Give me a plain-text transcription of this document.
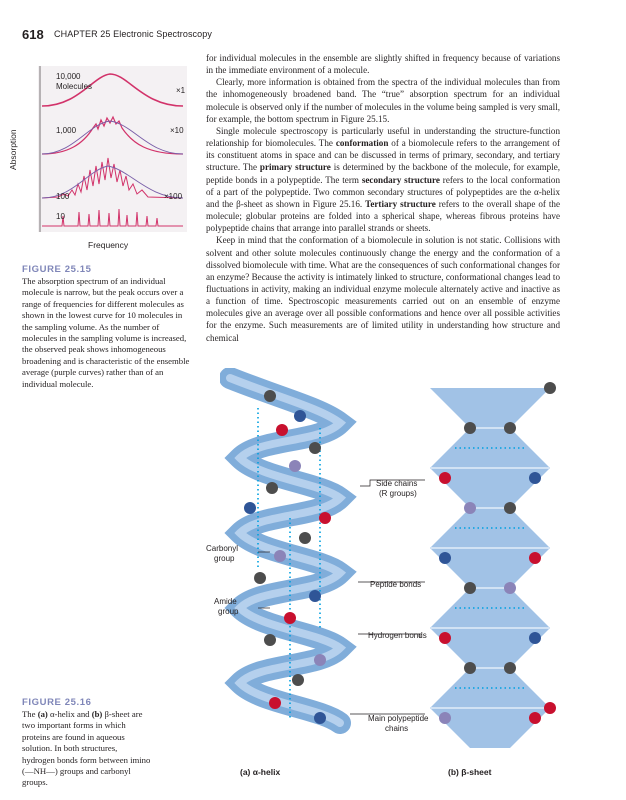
618 CHAPTER 25 Electronic Spectroscopy

for individual molecules in the ensemble are slightly shifted in frequency because of variations in the immediate environment of a molecule.

Clearly, more information is obtained from the spectra of the individual molecules than from the inhomogeneously broadened band. The “true” absorption spectrum for an individual molecule is observed only if the number of molecules in the volume being sampled is very small, for example, the bottom spectrum in Figure 25.15.

Single molecule spectroscopy is particularly useful in understanding the structure-function relationship for biomolecules. The conformation of a biomolecule refers to the arrangement of its constituent atoms in space and can be discussed in terms of primary, secondary, and tertiary structure. The primary structure is determined by the backbone of the molecule, for example, peptide bonds in a polypeptide. The term secondary structure refers to the local conformation of a part of the polypeptide. Two common secondary structures of polypeptides are the α-helix and the β-sheet as shown in Figure 25.16. Tertiary structure refers to the overall shape of the molecule; globular proteins are folded into a spherical shape, whereas fibrous proteins have polypeptide chains that arrange into parallel strands or sheets.

Keep in mind that the conformation of a biomolecule in solution is not static. Collisions with solvent and other solute molecules continuously change the energy and the conformation of a dissolved biomolecule with time. What are the consequences of such conformational changes for an enzyme? Because the activity is intimately linked to structure, conformational changes lead to fluctuations in activity, making an individual enzyme molecule alternately active and inactive as a function of time. Spectroscopic measurements carried out on an ensemble of enzyme molecules give an average over all possible conformations and hence over all possible activities for the enzyme. Such measurements are of limited utility in understanding how structure and chemical

10,000
Molecules	×1
1,000	×10
100	×100
10
Absorption
Frequency
FIGURE 25.15
The absorption spectrum of an individual molecule is narrow, but the peak occurs over a range of frequencies for different molecules as shown in the lowest curve for 10 molecules in the sampling volume. As the number of molecules in the sampling volume is increased, the observed peak shows inhomogeneous broadening and is characteristic of the ensemble average (purple curves) rather than of an individual molecule.
Side chains
(R groups)
Carbonyl
group
Peptide bonds
Amide
group
Hydrogen bonds
Main polypeptide
chains
(a) α-helix	(b) β-sheet
FIGURE 25.16
The (a) α-helix and (b) β-sheet are two important forms in which proteins are found in aqueous solution. In both structures, hydrogen bonds form between imino (—NH—) groups and carbonyl groups.
